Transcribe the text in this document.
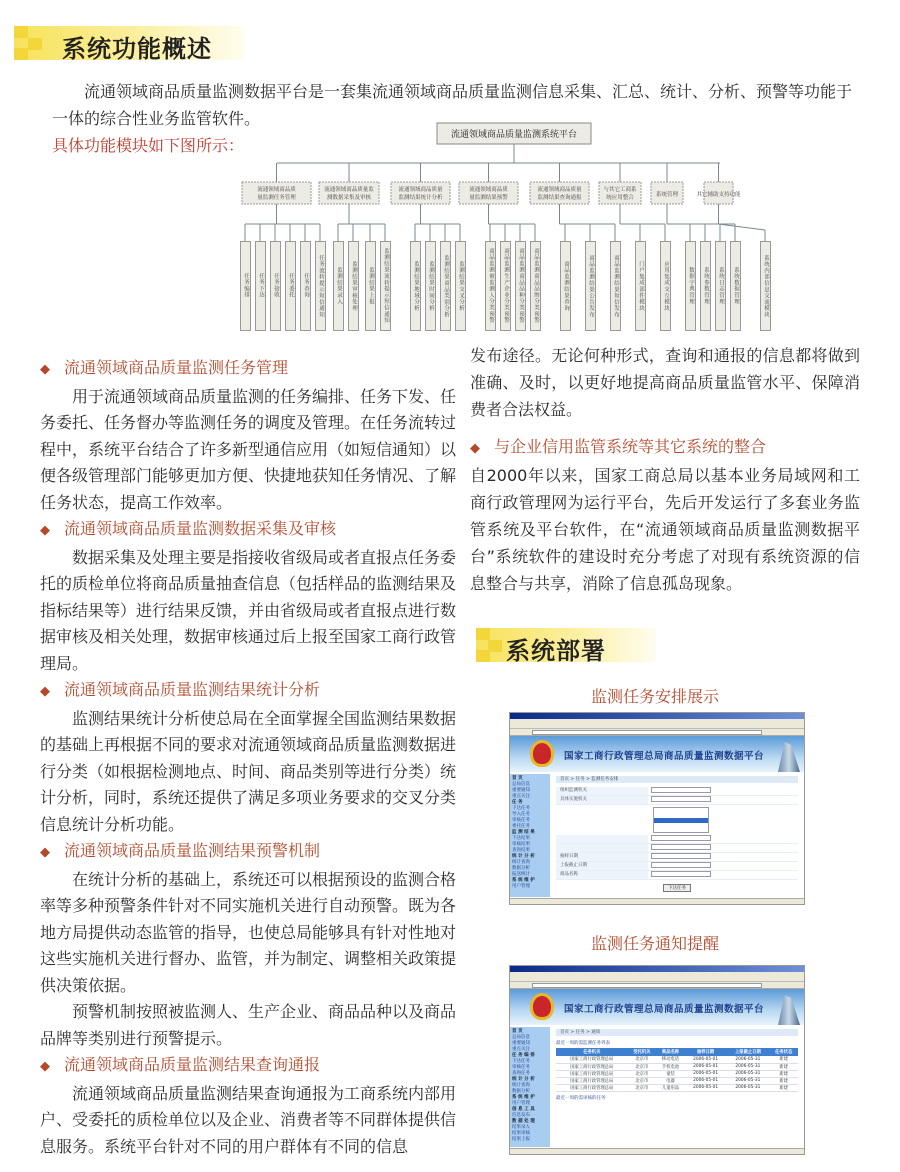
系统功能概述
流通领域商品质量监测数据平台是一套集流通领域商品质量监测信息采集、汇总、统计、分析、预警等功能于一体的综合性业务监管软件。
具体功能模块如下图所示：
流通领域商品质量监测系统平台
流通领域商品质
量监测任务管理
流通领域商品质量监
测数据采集及审核
流通领域商品质量
监测结果统计分析
流通领域商品质
量监测结果预警
流通领域商品质量
监测结果查询通报
与其它工商系
统应用整合	系统管理	其它辅助支持功能
任务编排	任务下达	任务接收	任务委托	任务查询	任务流转提示短信通知	监测结果录入	监测结果审核处理	监测结果上报	监测结果流转提示短信通知	监测结果地域分析	监测结果时间分析	监测结果商品类别分析	监测结果交叉分析	商品监测被监测人分类预警	商品监测生产企业分类预警	商品监测商品品种分类预警	商品监测商品品牌分类预警	商品监测结果查询	商品监测结果公告发布	商品监测结果短信发布	门户集成部件模块	应用集成交互模块	数据字典管理	系统参数管理	系统日志管理	系统数据管理	系统内部信息交流模块
◆ 流通领域商品质量监测任务管理

用于流通领域商品质量监测的任务编排、任务下发、任务委托、任务督办等监测任务的调度及管理。在任务流转过程中，系统平台结合了许多新型通信应用（如短信通知）以便各级管理部门能够更加方便、快捷地获知任务情况、了解任务状态，提高工作效率。

◆ 流通领域商品质量监测数据采集及审核

数据采集及处理主要是指接收省级局或者直报点任务委托的质检单位将商品质量抽查信息（包括样品的监测结果及指标结果等）进行结果反馈，并由省级局或者直报点进行数据审核及相关处理，数据审核通过后上报至国家工商行政管理局。

◆ 流通领域商品质量监测结果统计分析

监测结果统计分析使总局在全面掌握全国监测结果数据的基础上再根据不同的要求对流通领域商品质量监测数据进行分类（如根据检测地点、时间、商品类别等进行分类）统计分析，同时，系统还提供了满足多项业务要求的交叉分类信息统计分析功能。

◆ 流通领域商品质量监测结果预警机制

在统计分析的基础上，系统还可以根据预设的监测合格率等多种预警条件针对不同实施机关进行自动预警。既为各地方局提供动态监管的指导，也使总局能够具有针对性地对这些实施机关进行督办、监管，并为制定、调整相关政策提供决策依据。

预警机制按照被监测人、生产企业、商品品种以及商品品牌等类别进行预警提示。

◆ 流通领域商品质量监测结果查询通报

流通领域商品质量监测结果查询通报为工商系统内部用户、受委托的质检单位以及企业、消费者等不同群体提供信息服务。系统平台针对不同的用户群体有不同的信息

发布途径。无论何种形式，查询和通报的信息都将做到准确、及时，以更好地提高商品质量监管水平、保障消费者合法权益。

◆ 与企业信用监管系统等其它系统的整合

自2000年以来，国家工商总局以基本业务局域网和工商行政管理网为运行平台，先后开发运行了多套业务监管系统及平台软件，在“流通领域商品质量监测数据平台”系统软件的建设时充分考虑了对现有系统资源的信息整合与共享，消除了信息孤岛现象。

系统部署
监测任务安排展示
国家工商行政管理总局商品质量监测数据平台
首 页
总局信息
重要通知
重点关注
任 务
下达任务
导入任务
审核任务
委托任务
监 测 结 果
下达结果
审核结果
查询结果
统 计 分 析
统计查询
数据分析
报送统计
系 统 维 护
用户管理
首页 > 任务 > 监测任务安排
组织监测机关
具体实施机关
抽样日期
上报截止日期
商品名称
下达任务
监测任务通知提醒
国家工商行政管理总局商品质量监测数据平台
首 页
总局信息
重要通知
重点关注
任 务 编 排
下达任务
审核任务
查询任务
统 计 分 析
统计查询
数据分析
系 统 维 护
用户管理
信 息 工 具
信息发布
数 据 处 理
结果录入
结果审核
结果上报
首页 > 任务 > 通知
最近一周的需监测任务列表
任务机关	受托机关	商品名称	抽样日期	上报截止日期	任务状态
国家工商行政管理总局	北京市	移动电话	2006-05-01	2006-05-31	新建
国家工商行政管理总局	北京市	手机电池	2006-05-01	2006-05-31	新建
国家工商行政管理总局	北京市	童装	2006-05-01	2006-05-31	新建
国家工商行政管理总局	北京市	电器	2006-05-01	2006-05-31	新建
国家工商行政管理总局	北京市	儿童用品	2006-05-01	2006-05-31	新建
最近一周的需审核的任务
